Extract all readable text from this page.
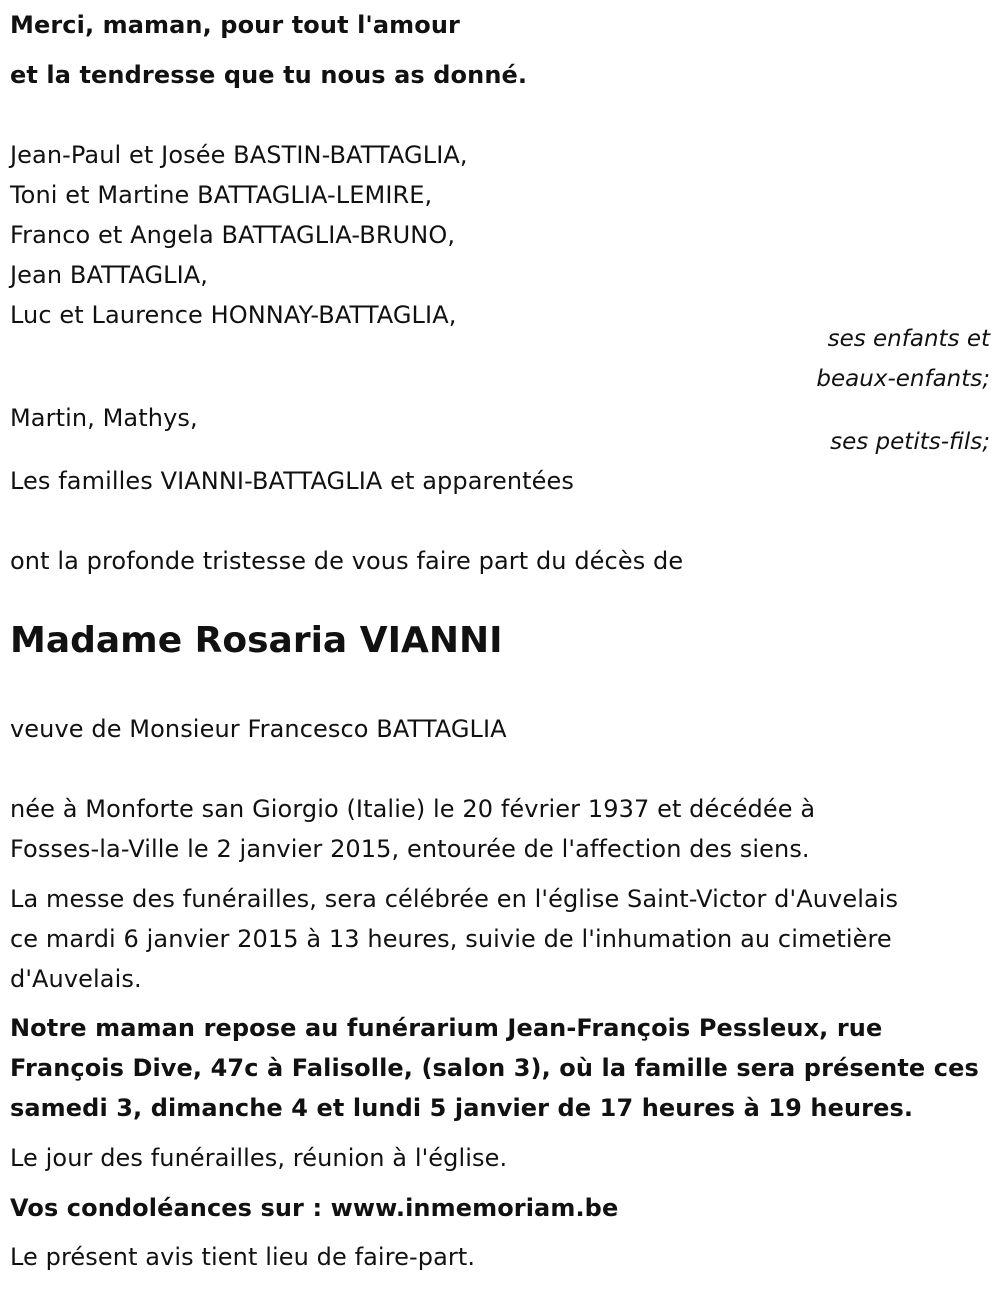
Merci, maman, pour tout l'amour
et la tendresse que tu nous as donné.
Jean-Paul et Josée BASTIN-BATTAGLIA,
Toni et Martine BATTAGLIA-LEMIRE,
Franco et Angela BATTAGLIA-BRUNO,
Jean BATTAGLIA,
Luc et Laurence HONNAY-BATTAGLIA,
ses enfants et
beaux-enfants;
Martin, Mathys,
ses petits-fils;
Les familles VIANNI-BATTAGLIA et apparentées
ont la profonde tristesse de vous faire part du décès de
Madame Rosaria VIANNI
veuve de Monsieur Francesco BATTAGLIA
née à Monforte san Giorgio (Italie) le 20 février 1937 et décédée à
Fosses-la-Ville le 2 janvier 2015, entourée de l'affection des siens.
La messe des funérailles, sera célébrée en l'église Saint-Victor d'Auvelais
ce mardi 6 janvier 2015 à 13 heures, suivie de l'inhumation au cimetière
d'Auvelais.
Notre maman repose au funérarium Jean-François Pessleux, rue
François Dive, 47c à Falisolle, (salon 3), où la famille sera présente ces
samedi 3, dimanche 4 et lundi 5 janvier de 17 heures à 19 heures.
Le jour des funérailles, réunion à l'église.
Vos condoléances sur : www.inmemoriam.be
Le présent avis tient lieu de faire-part.
